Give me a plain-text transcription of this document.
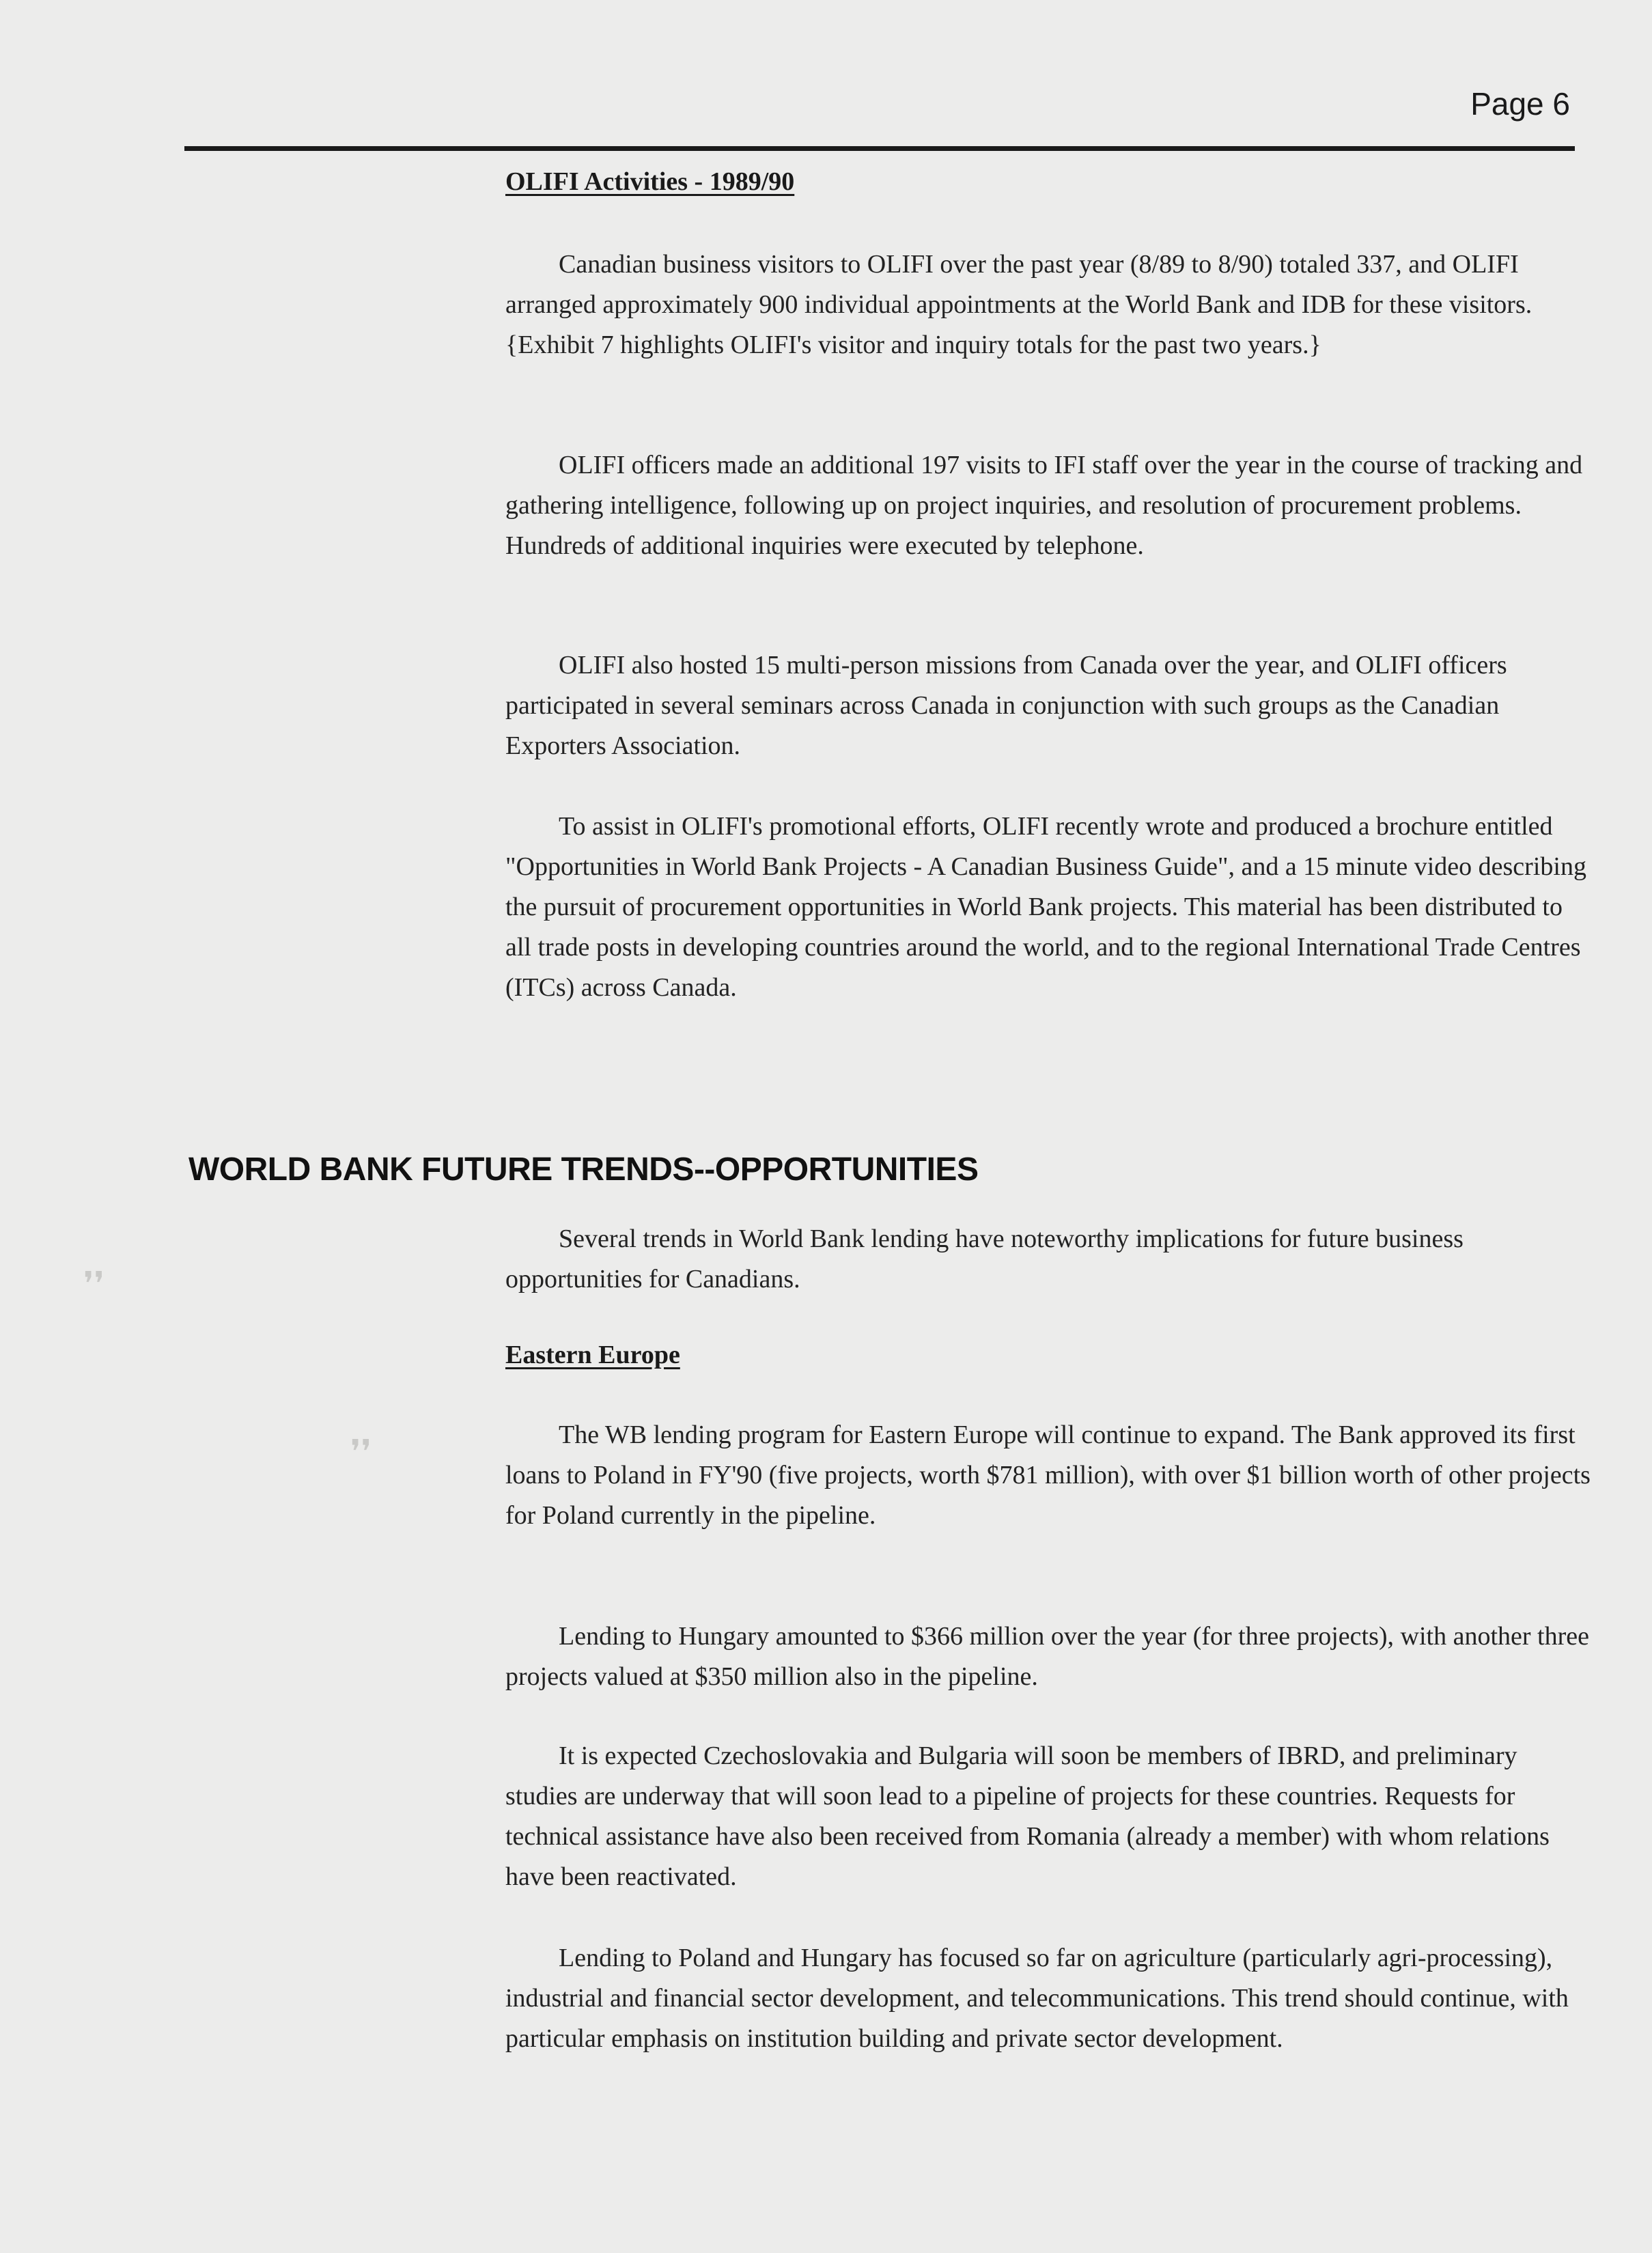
Page 6
OLIFI Activities - 1989/90

Canadian business visitors to OLIFI over the past year (8/89 to 8/90) totaled 337, and OLIFI arranged approximately 900 individual appointments at the World Bank and IDB for these visitors. {Exhibit 7 highlights OLIFI's visitor and inquiry totals for the past two years.}

OLIFI officers made an additional 197 visits to IFI staff over the year in the course of tracking and gathering intelligence, following up on project inquiries, and resolution of procurement problems. Hundreds of additional inquiries were executed by telephone.

OLIFI also hosted 15 multi-person missions from Canada over the year, and OLIFI officers participated in several seminars across Canada in conjunction with such groups as the Canadian Exporters Association.

To assist in OLIFI's promotional efforts, OLIFI recently wrote and produced a brochure entitled "Opportunities in World Bank Projects - A Canadian Business Guide", and a 15 minute video describing the pursuit of procurement opportunities in World Bank projects. This material has been distributed to all trade posts in developing countries around the world, and to the regional International Trade Centres (ITCs) across Canada.

WORLD BANK FUTURE TRENDS--OPPORTUNITIES

Several trends in World Bank lending have noteworthy implications for future business opportunities for Canadians.

Eastern Europe

The WB lending program for Eastern Europe will continue to expand. The Bank approved its first loans to Poland in FY'90 (five projects, worth $781 million), with over $1 billion worth of other projects for Poland currently in the pipeline.

Lending to Hungary amounted to $366 million over the year (for three projects), with another three projects valued at $350 million also in the pipeline.

It is expected Czechoslovakia and Bulgaria will soon be members of IBRD, and preliminary studies are underway that will soon lead to a pipeline of projects for these countries. Requests for technical assistance have also been received from Romania (already a member) with whom relations have been reactivated.

Lending to Poland and Hungary has focused so far on agriculture (particularly agri-processing), industrial and financial sector development, and telecommunications. This trend should continue, with particular emphasis on institution building and private sector development.

❜❜
❜❜
